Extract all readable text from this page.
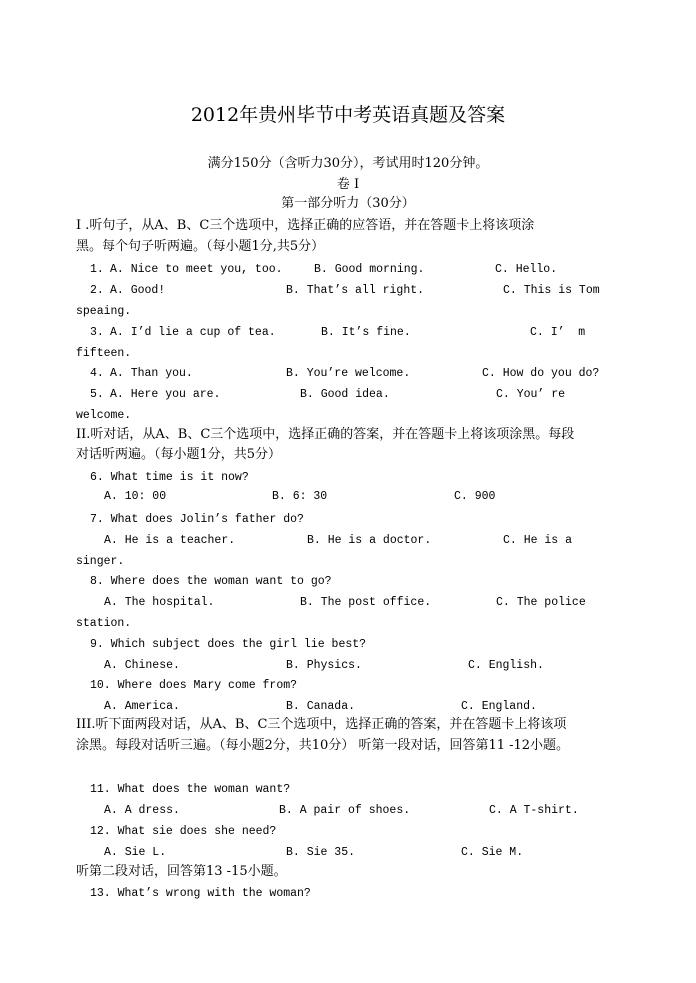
2012年贵州毕节中考英语真题及答案
满分150分（含听力30分），考试用时120分钟。
卷 I
第一部分听力（30分）
I .听句子，从A、B、C三个选项中，选择正确的应答语，并在答题卡上将该项涂
黑。每个句子听两遍。（每小题1分,共5分）
1. A. Nice to meet you, too.	B. Good morning.	C. Hello.
2. A. Good!	B. That’s all right.	C. This is Tom
speaing.
3. A. I’d lie a cup of tea.	B. It’s fine.	C. I’  m
fifteen.
4. A. Than you.	B. You’re welcome.	C. How do you do?
5. A. Here you are.	B. Good idea.	C. You’ re
welcome.
II.听对话，从A、B、C三个选项中，选择正确的答案，并在答题卡上将该项涂黑。每段
对话听两遍。（每小题1分，共5分）
6. What time is it now?
A. 10: 00	B. 6: 30	C. 900
7. What does Jolin’s father do?
A. He is a teacher.	B. He is a doctor.	C. He is a
singer.
8. Where does the woman want to go?
A. The hospital.	B. The post office.	C. The police
station.
9. Which subject does the girl lie best?
A. Chinese.	B. Physics.	C. English.
10. Where does Mary come from?
A. America.	B. Canada.	C. England.
III.听下面两段对话，从A、B、C三个选项中，选择正确的答案，并在答题卡上将该项
涂黑。每段对话听三遍。（每小题2分，共10分） 听第一段对话，回答第11 -12小题。
11. What does the woman want?
A. A dress.	B. A pair of shoes.	C. A T-shirt.
12. What sie does she need?
A. Sie L.	B. Sie 35.	C. Sie M.
听第二段对话，回答第13 -15小题。
13. What’s wrong with the woman?
